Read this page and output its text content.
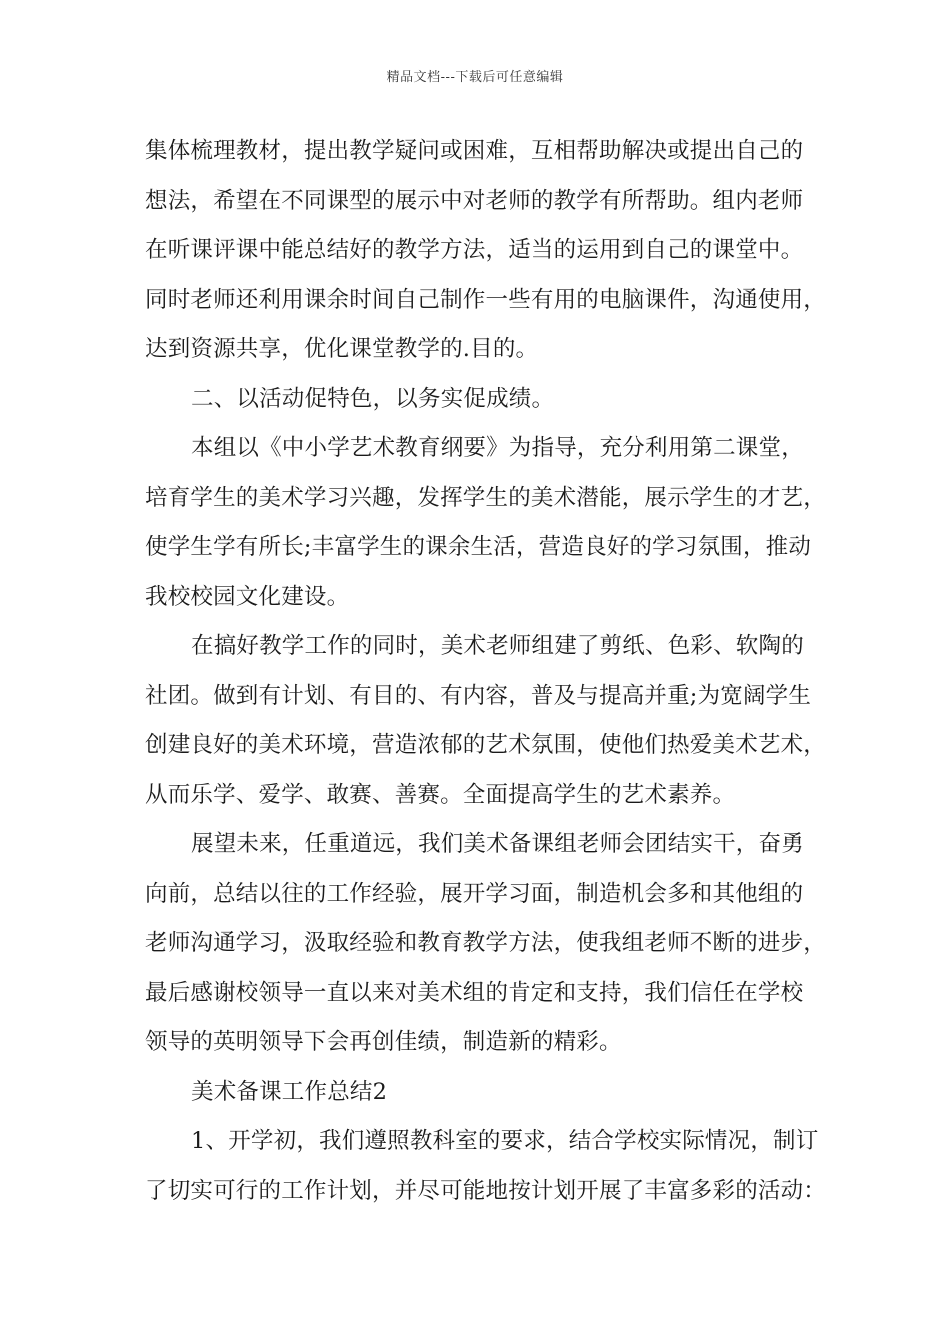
精品文档---下载后可任意编辑
集体梳理教材，提出教学疑问或困难，互相帮助解决或提出自己的
想法，希望在不同课型的展示中对老师的教学有所帮助。组内老师
在听课评课中能总结好的教学方法，适当的运用到自己的课堂中。
同时老师还利用课余时间自己制作一些有用的电脑课件，沟通使用，
达到资源共享，优化课堂教学的.目的。
二、以活动促特色，以务实促成绩。
本组以《中小学艺术教育纲要》为指导，充分利用第二课堂，
培育学生的美术学习兴趣，发挥学生的美术潜能，展示学生的才艺，
使学生学有所长;丰富学生的课余生活，营造良好的学习氛围，推动
我校校园文化建设。
在搞好教学工作的同时，美术老师组建了剪纸、色彩、软陶的
社团。做到有计划、有目的、有内容，普及与提高并重;为宽阔学生
创建良好的美术环境，营造浓郁的艺术氛围，使他们热爱美术艺术，
从而乐学、爱学、敢赛、善赛。全面提高学生的艺术素养。
展望未来，任重道远，我们美术备课组老师会团结实干，奋勇
向前，总结以往的工作经验，展开学习面，制造机会多和其他组的
老师沟通学习，汲取经验和教育教学方法，使我组老师不断的进步，
最后感谢校领导一直以来对美术组的肯定和支持，我们信任在学校
领导的英明领导下会再创佳绩，制造新的精彩。
美术备课工作总结2
1、开学初，我们遵照教科室的要求，结合学校实际情况，制订
了切实可行的工作计划，并尽可能地按计划开展了丰富多彩的活动：
